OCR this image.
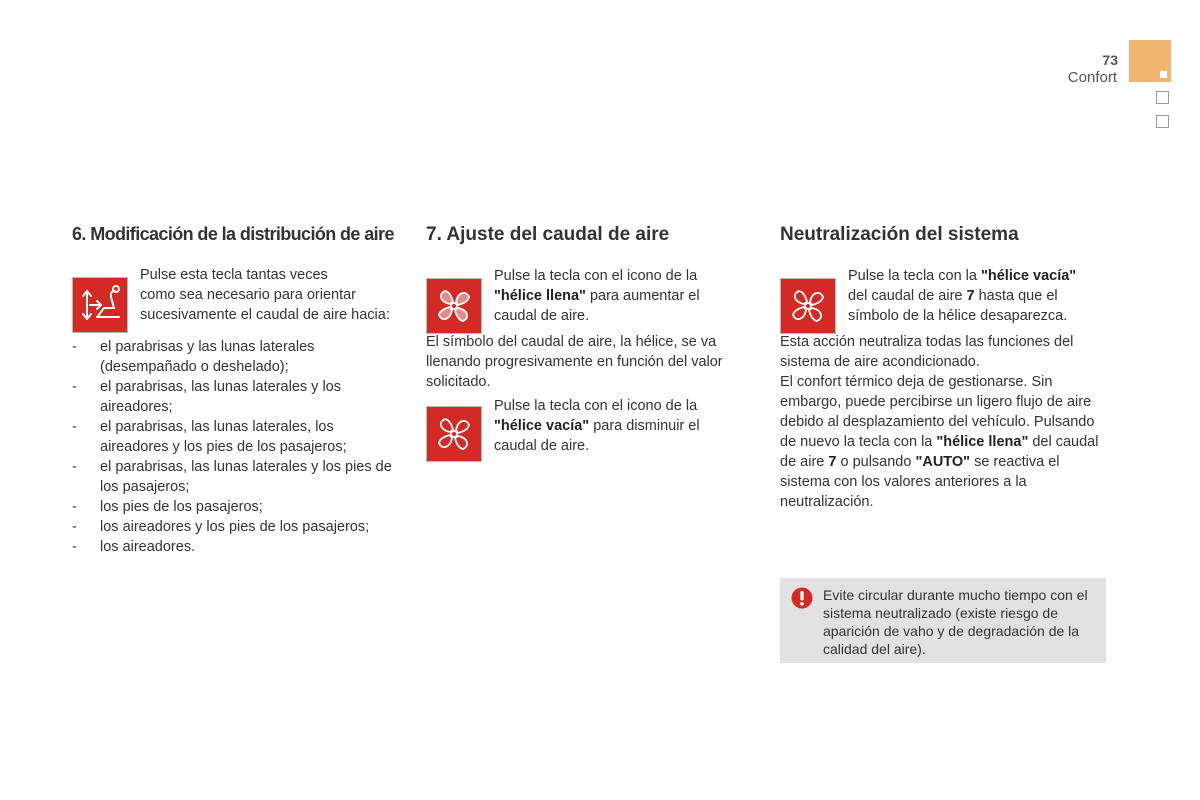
73
Confort
6. Modificación de la distribución de aire
Pulse esta tecla tantas veces
como sea necesario para orientar
sucesivamente el caudal de aire hacia:
- el parabrisas y las lunas laterales (desempañado o deshelado);
- el parabrisas, las lunas laterales y los aireadores;
- el parabrisas, las lunas laterales, los aireadores y los pies de los pasajeros;
- el parabrisas, las lunas laterales y los pies de los pasajeros;
- los pies de los pasajeros;
- los aireadores y los pies de los pasajeros;
- los aireadores.
7. Ajuste del caudal de aire
Pulse la tecla con el icono de la
"hélice llena" para aumentar el
caudal de aire.

El símbolo del caudal de aire, la hélice, se va llenando progresivamente en función del valor solicitado.

Pulse la tecla con el icono de la
"hélice vacía" para disminuir el
caudal de aire.
Neutralización del sistema
Pulse la tecla con la "hélice vacía"
del caudal de aire 7 hasta que el
símbolo de la hélice desaparezca.

Esta acción neutraliza todas las funciones del sistema de aire acondicionado.

El confort térmico deja de gestionarse. Sin embargo, puede percibirse un ligero flujo de aire debido al desplazamiento del vehículo. Pulsando de nuevo la tecla con la "hélice llena" del caudal de aire 7 o pulsando "AUTO" se reactiva el sistema con los valores anteriores a la neutralización.

Evite circular durante mucho tiempo con el sistema neutralizado (existe riesgo de aparición de vaho y de degradación de la calidad del aire).
